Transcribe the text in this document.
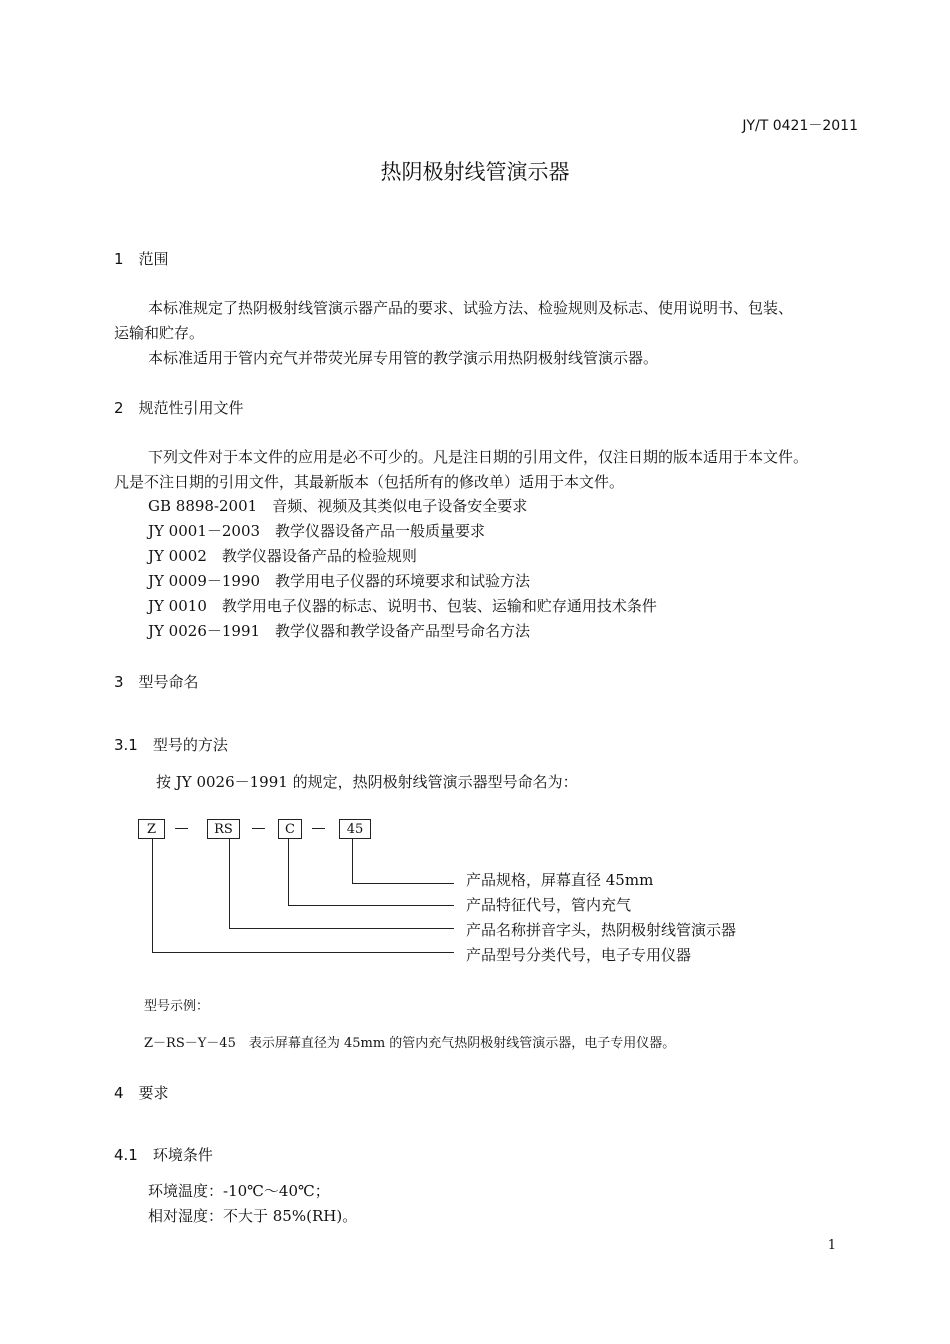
JY/T 0421－2011
热阴极射线管演示器
1　范围
本标准规定了热阴极射线管演示器产品的要求、试验方法、检验规则及标志、使用说明书、包装、
运输和贮存。
本标准适用于管内充气并带荧光屏专用管的教学演示用热阴极射线管演示器。
2　规范性引用文件
下列文件对于本文件的应用是必不可少的。凡是注日期的引用文件，仅注日期的版本适用于本文件。
凡是不注日期的引用文件，其最新版本（包括所有的修改单）适用于本文件。
GB 8898-2001　音频、视频及其类似电子设备安全要求
JY 0001－2003　教学仪器设备产品一般质量要求
JY 0002　教学仪器设备产品的检验规则
JY 0009－1990　教学用电子仪器的环境要求和试验方法
JY 0010　教学用电子仪器的标志、说明书、包装、运输和贮存通用技术条件
JY 0026－1991　教学仪器和教学设备产品型号命名方法
3　型号命名
3.1　型号的方法
按 JY 0026－1991 的规定，热阴极射线管演示器型号命名为：
Z	RS	C	45
产品规格，屏幕直径 45mm
产品特征代号，管内充气
产品名称拼音字头，热阴极射线管演示器
产品型号分类代号，电子专用仪器
型号示例：
Z－RS－Y－45　表示屏幕直径为 45mm 的管内充气热阴极射线管演示器，电子专用仪器。
4　要求
4.1　环境条件
环境温度：-10℃～40℃；
相对湿度：不大于 85%(RH)。
1
